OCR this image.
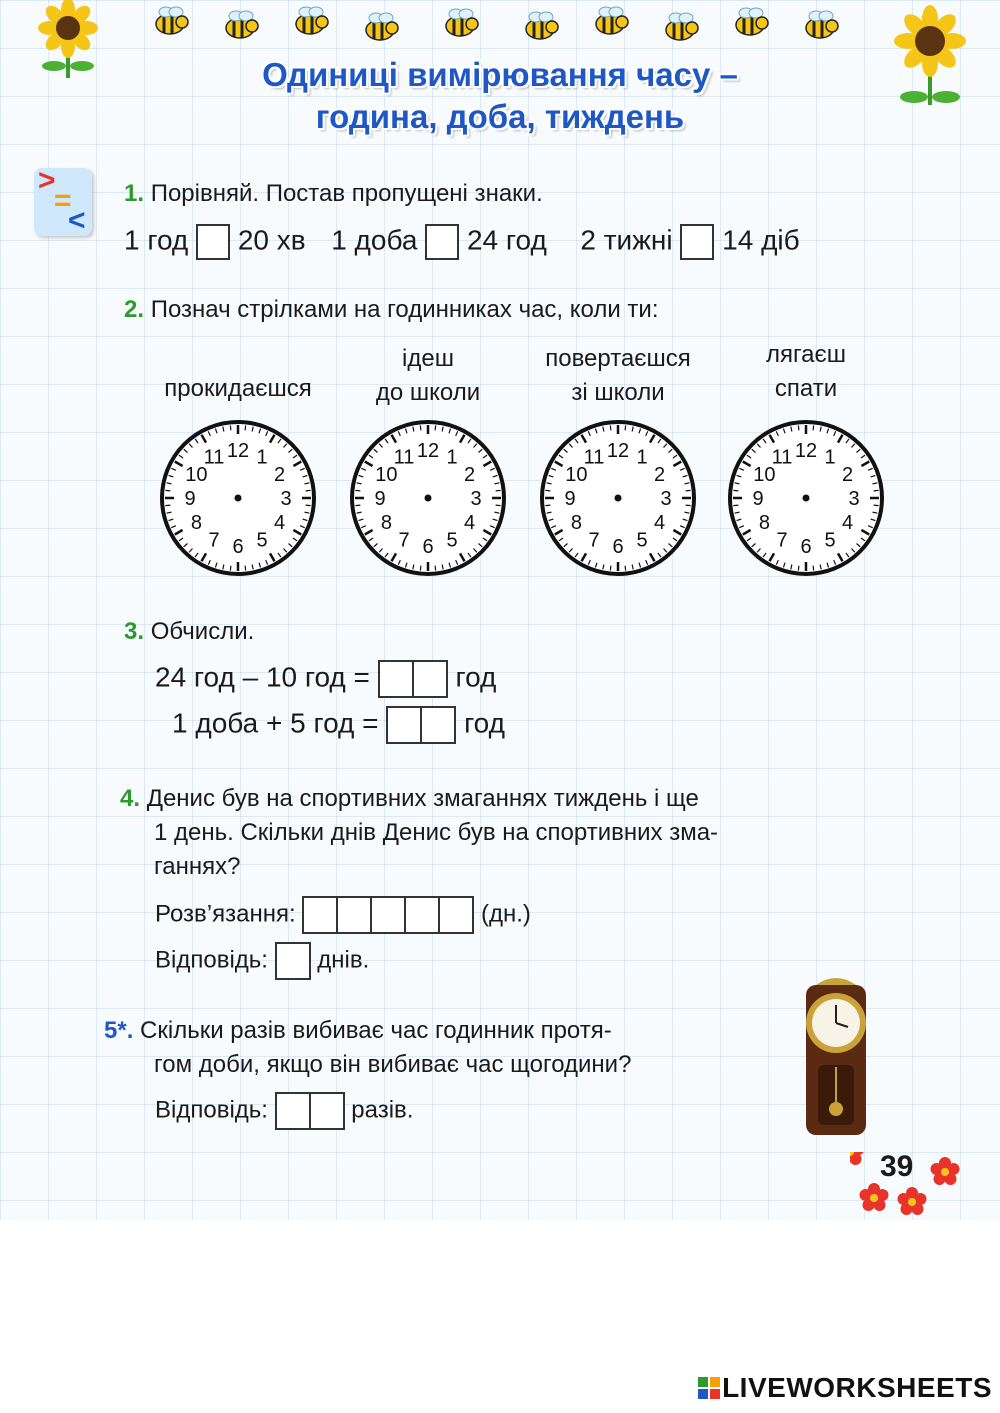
Одиниці вимірювання часу –
година, доба, тиждень
>
=
<
1. Порівняй. Постав пропущені знаки.
1 год 20 хв 1 доба 24 год 2 тижні 14 діб
2. Познач стрілками на годинниках час, коли ти:
прокидаєшся
ідеш
до школи
повертаєшся
зі школи
лягаєш
спати
12 1
2
3
4
5
6
7
8
9
10
11	12 1
2
3
4
5
6
7
8
9
10
11	12 1
2
3
4
5
6
7
8
9
10
11	12 1
2
3
4
5
6
7
8
9
10
11
3. Обчисли.
24 год – 10 год =	год
1 доба + 5 год =	год
4. Денис був на спортивних змаганнях тиждень і ще
1 день. Скільки днів Денис був на спортивних зма-
ганнях?
Розв’язання:	(дн.)
Відповідь: днів.
5*. Скільки разів вибиває час годинник протя-
гом доби, якщо він вибиває час щогодини?
Відповідь:	разів.
39
LIVEWORKSHEETS
